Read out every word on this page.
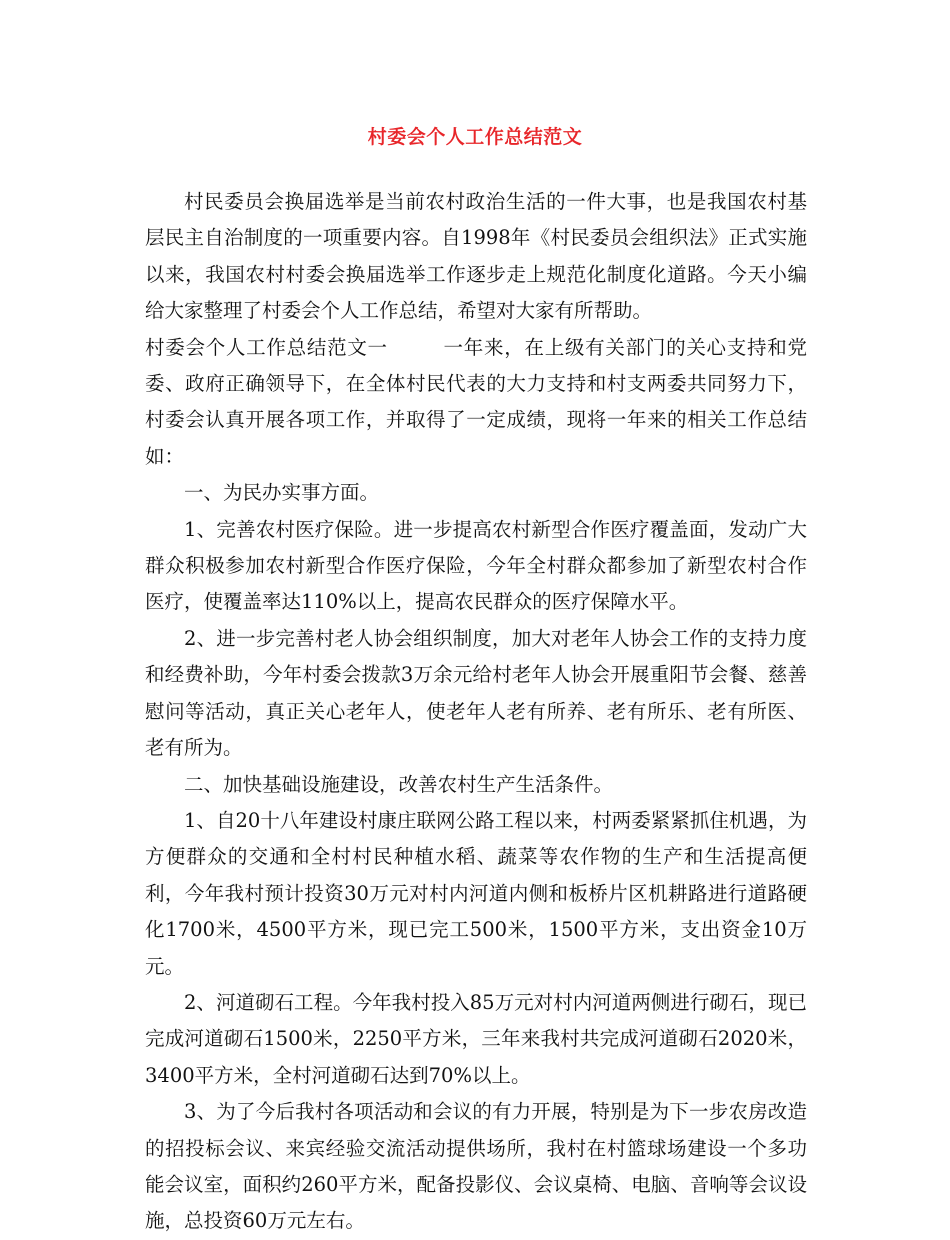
村委会个人工作总结范文

村民委员会换届选举是当前农村政治生活的一件大事，也是我国农村基层民主自治制度的一项重要内容。自1998年《村民委员会组织法》正式实施以来，我国农村村委会换届选举工作逐步走上规范化制度化道路。今天小编给大家整理了村委会个人工作总结，希望对大家有所帮助。

村委会个人工作总结范文一	一年来，在上级有关部门的关心支持和党委、政府正确领导下，在全体村民代表的大力支持和村支两委共同努力下，村委会认真开展各项工作，并取得了一定成绩，现将一年来的相关工作总结如：

一、为民办实事方面。

1、完善农村医疗保险。进一步提高农村新型合作医疗覆盖面，发动广大群众积极参加农村新型合作医疗保险，今年全村群众都参加了新型农村合作医疗，使覆盖率达110%以上，提高农民群众的医疗保障水平。

2、进一步完善村老人协会组织制度，加大对老年人协会工作的支持力度和经费补助，今年村委会拨款3万余元给村老年人协会开展重阳节会餐、慈善慰问等活动，真正关心老年人，使老年人老有所养、老有所乐、老有所医、老有所为。

二、加快基础设施建设，改善农村生产生活条件。

1、自20十八年建设村康庄联网公路工程以来，村两委紧紧抓住机遇，为方便群众的交通和全村村民种植水稻、蔬菜等农作物的生产和生活提高便利，今年我村预计投资30万元对村内河道内侧和板桥片区机耕路进行道路硬化1700米，4500平方米，现已完工500米，1500平方米，支出资金10万元。

2、河道砌石工程。今年我村投入85万元对村内河道两侧进行砌石，现已完成河道砌石1500米，2250平方米，三年来我村共完成河道砌石2020米，3400平方米，全村河道砌石达到70%以上。

3、为了今后我村各项活动和会议的有力开展，特别是为下一步农房改造的招投标会议、来宾经验交流活动提供场所，我村在村篮球场建设一个多功能会议室，面积约260平方米，配备投影仪、会议桌椅、电脑、音响等会议设施，总投资60万元左右。
